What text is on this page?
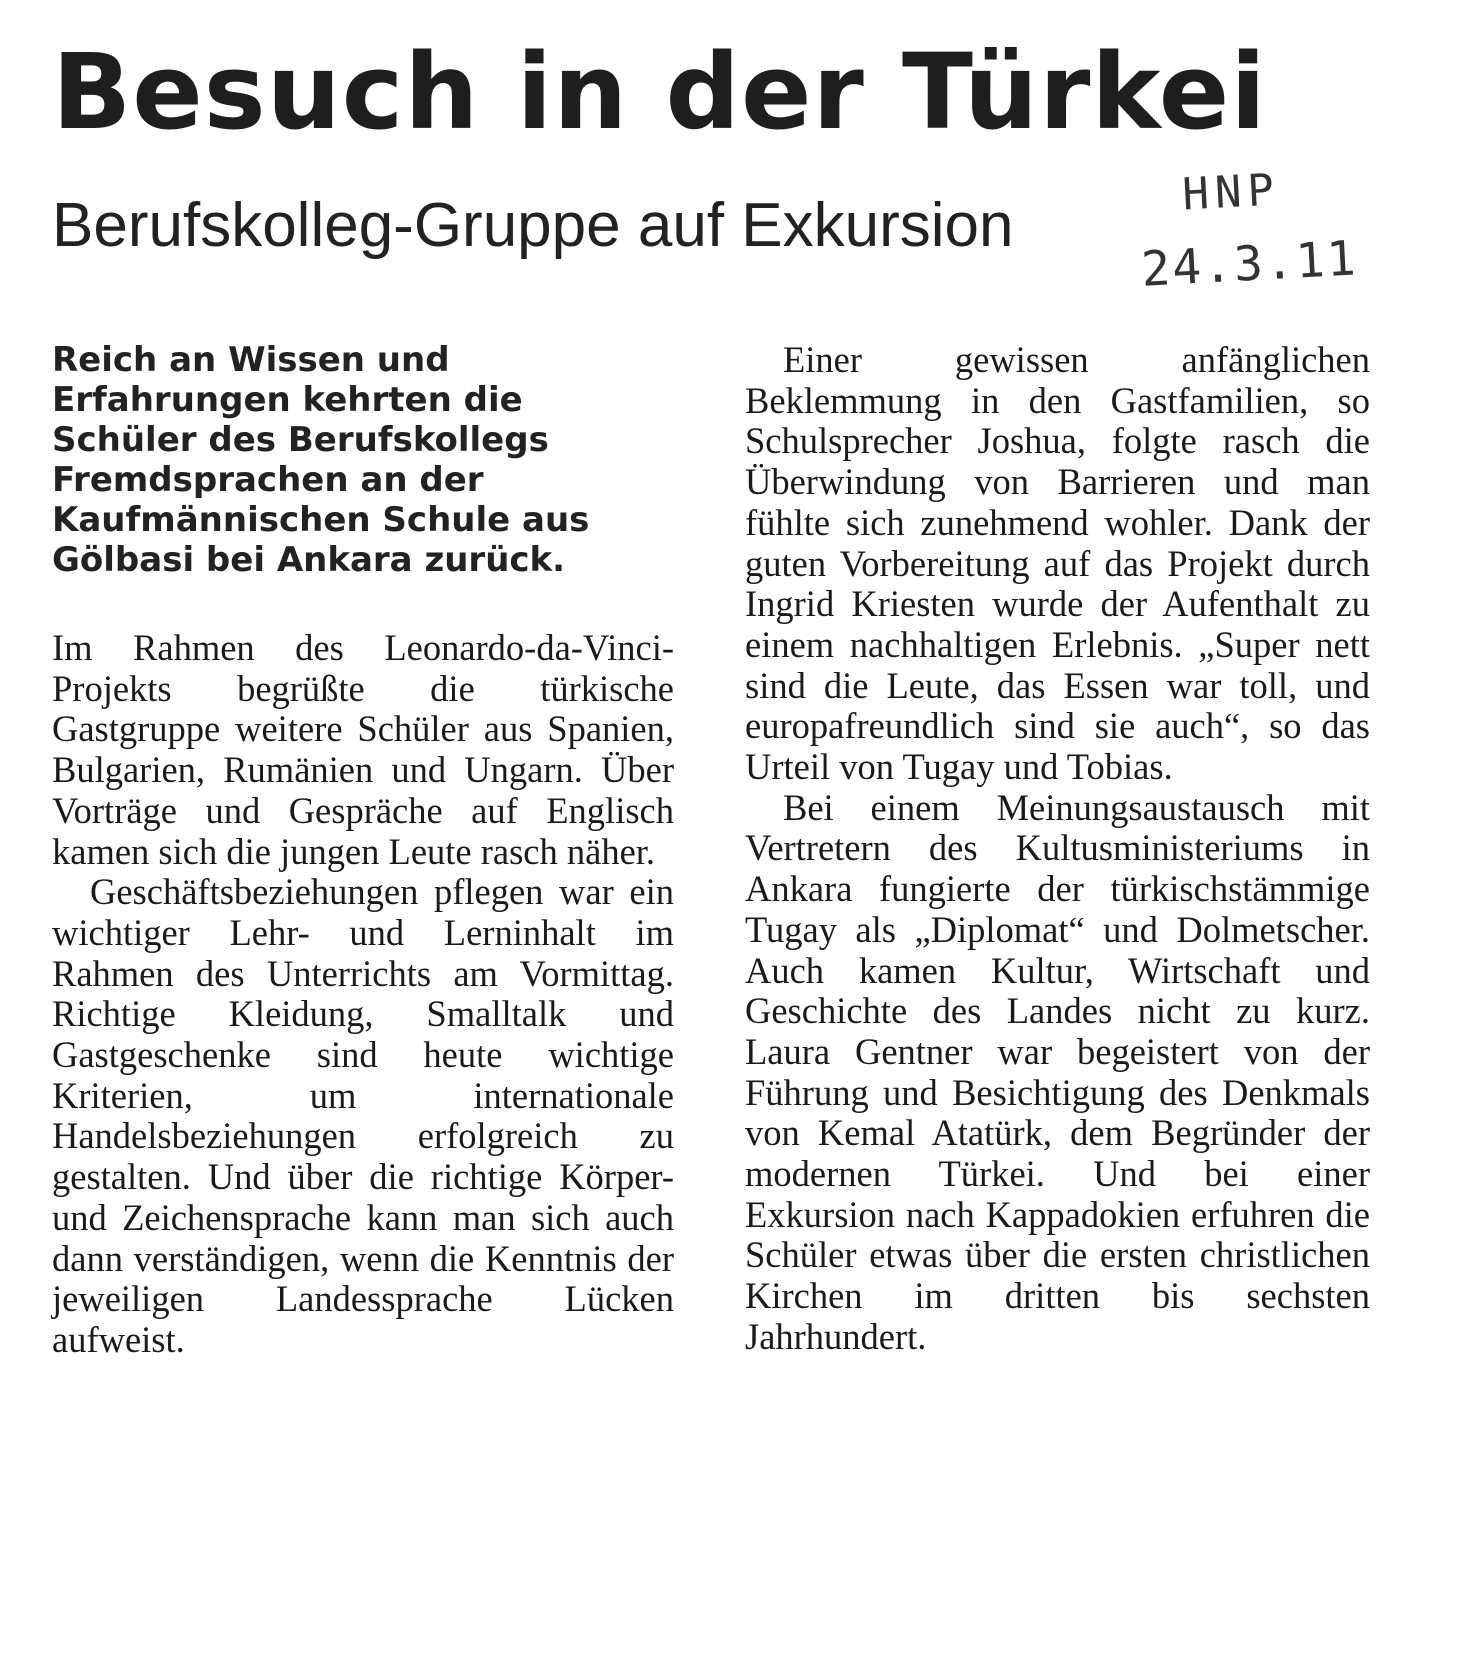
Besuch in der Türkei
Berufskolleg-Gruppe auf Exkursion	HNP
24.3.11

Reich an Wissen und Erfahrungen kehrten die Schüler des Berufskollegs Fremdsprachen an der Kaufmännischen Schule aus Gölbasi bei Ankara zurück.

Im Rahmen des Leonardo-da-Vinci-Projekts begrüßte die türkische Gastgruppe weitere Schüler aus Spanien, Bulgarien, Rumänien und Ungarn. Über Vorträge und Gespräche auf Englisch kamen sich die jungen Leute rasch näher.

Geschäftsbeziehungen pflegen war ein wichtiger Lehr- und Lerninhalt im Rahmen des Unterrichts am Vormittag. Richtige Kleidung, Smalltalk und Gastgeschenke sind heute wichtige Kriterien, um internationale Handelsbeziehungen erfolgreich zu gestalten. Und über die richtige Körper- und Zeichensprache kann man sich auch dann verständigen, wenn die Kenntnis der jeweiligen Landessprache Lücken aufweist.

Einer gewissen anfänglichen Beklemmung in den Gastfamilien, so Schulsprecher Joshua, folgte rasch die Überwindung von Barrieren und man fühlte sich zunehmend wohler. Dank der guten Vorbereitung auf das Projekt durch Ingrid Kriesten wurde der Aufenthalt zu einem nachhaltigen Erlebnis. „Super nett sind die Leute, das Essen war toll, und europafreundlich sind sie auch“, so das Urteil von Tugay und Tobias.

Bei einem Meinungsaustausch mit Vertretern des Kultusministeriums in Ankara fungierte der türkischstämmige Tugay als „Diplomat“ und Dolmetscher. Auch kamen Kultur, Wirtschaft und Geschichte des Landes nicht zu kurz. Laura Gentner war begeistert von der Führung und Besichtigung des Denkmals von Kemal Atatürk, dem Begründer der modernen Türkei. Und bei einer Exkursion nach Kappadokien erfuhren die Schüler etwas über die ersten christlichen Kirchen im dritten bis sechsten Jahrhundert.
